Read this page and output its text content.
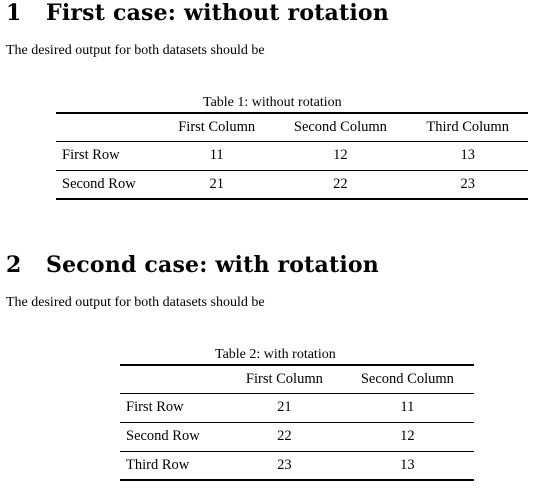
1 First case: without rotation

The desired output for both datasets should be

Table 1: without rotation
	First Column	Second Column	Third Column
First Row	11	12	13
Second Row	21	22	23
2 Second case: with rotation

The desired output for both datasets should be

Table 2: with rotation
	First Column	Second Column
First Row	21	11
Second Row	22	12
Third Row	23	13
